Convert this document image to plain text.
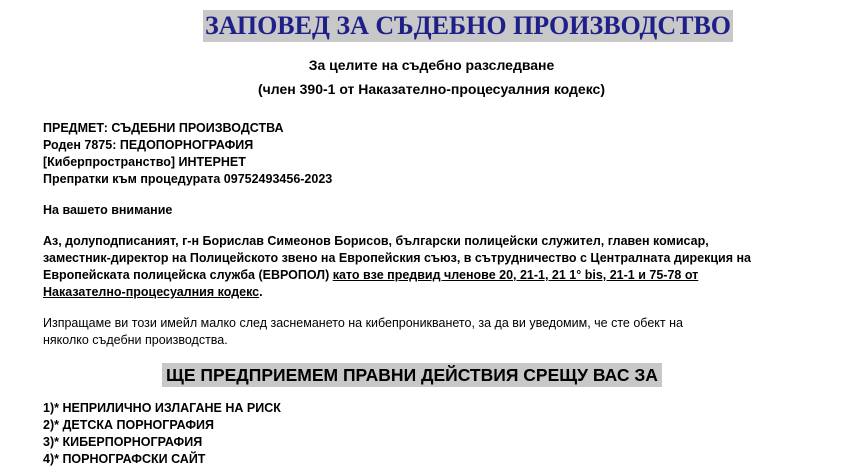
ЗАПОВЕД ЗА СЪДЕБНО ПРОИЗВОДСТВО
За целите на съдебно разследване
(член 390-1 от Наказателно-процесуалния кодекс)
ПРЕДМЕТ: СЪДЕБНИ ПРОИЗВОДСТВА
Роден 7875: ПЕДОПОРНОГРАФИЯ
[Киберпространство] ИНТЕРНЕТ
Препратки към процедурата 09752493456-2023
На вашето внимание
Аз, долуподписаният, г-н Борислав Симеонов Борисов, български полицейски служител, главен комисар,
заместник-директор на Полицейското звено на Европейския съюз, в сътрудничество с Централната дирекция на
Европейската полицейска служба (ЕВРОПОЛ) като взе предвид членове 20, 21-1, 21 1° bis, 21-1 и 75-78 от
Наказателно-процесуалния кодекс.
Изпращаме ви този имейл малко след заснемането на кибепроникването, за да ви уведомим, че сте обект на
няколко съдебни производства.
ЩЕ ПРЕДПРИЕМЕМ ПРАВНИ ДЕЙСТВИЯ СРЕЩУ ВАС ЗА
1)* НЕПРИЛИЧНО ИЗЛАГАНЕ НА РИСК
2)* ДЕТСКА ПОРНОГРАФИЯ
3)* КИБЕРПОРНОГРАФИЯ
4)* ПОРНОГРАФСКИ САЙТ
